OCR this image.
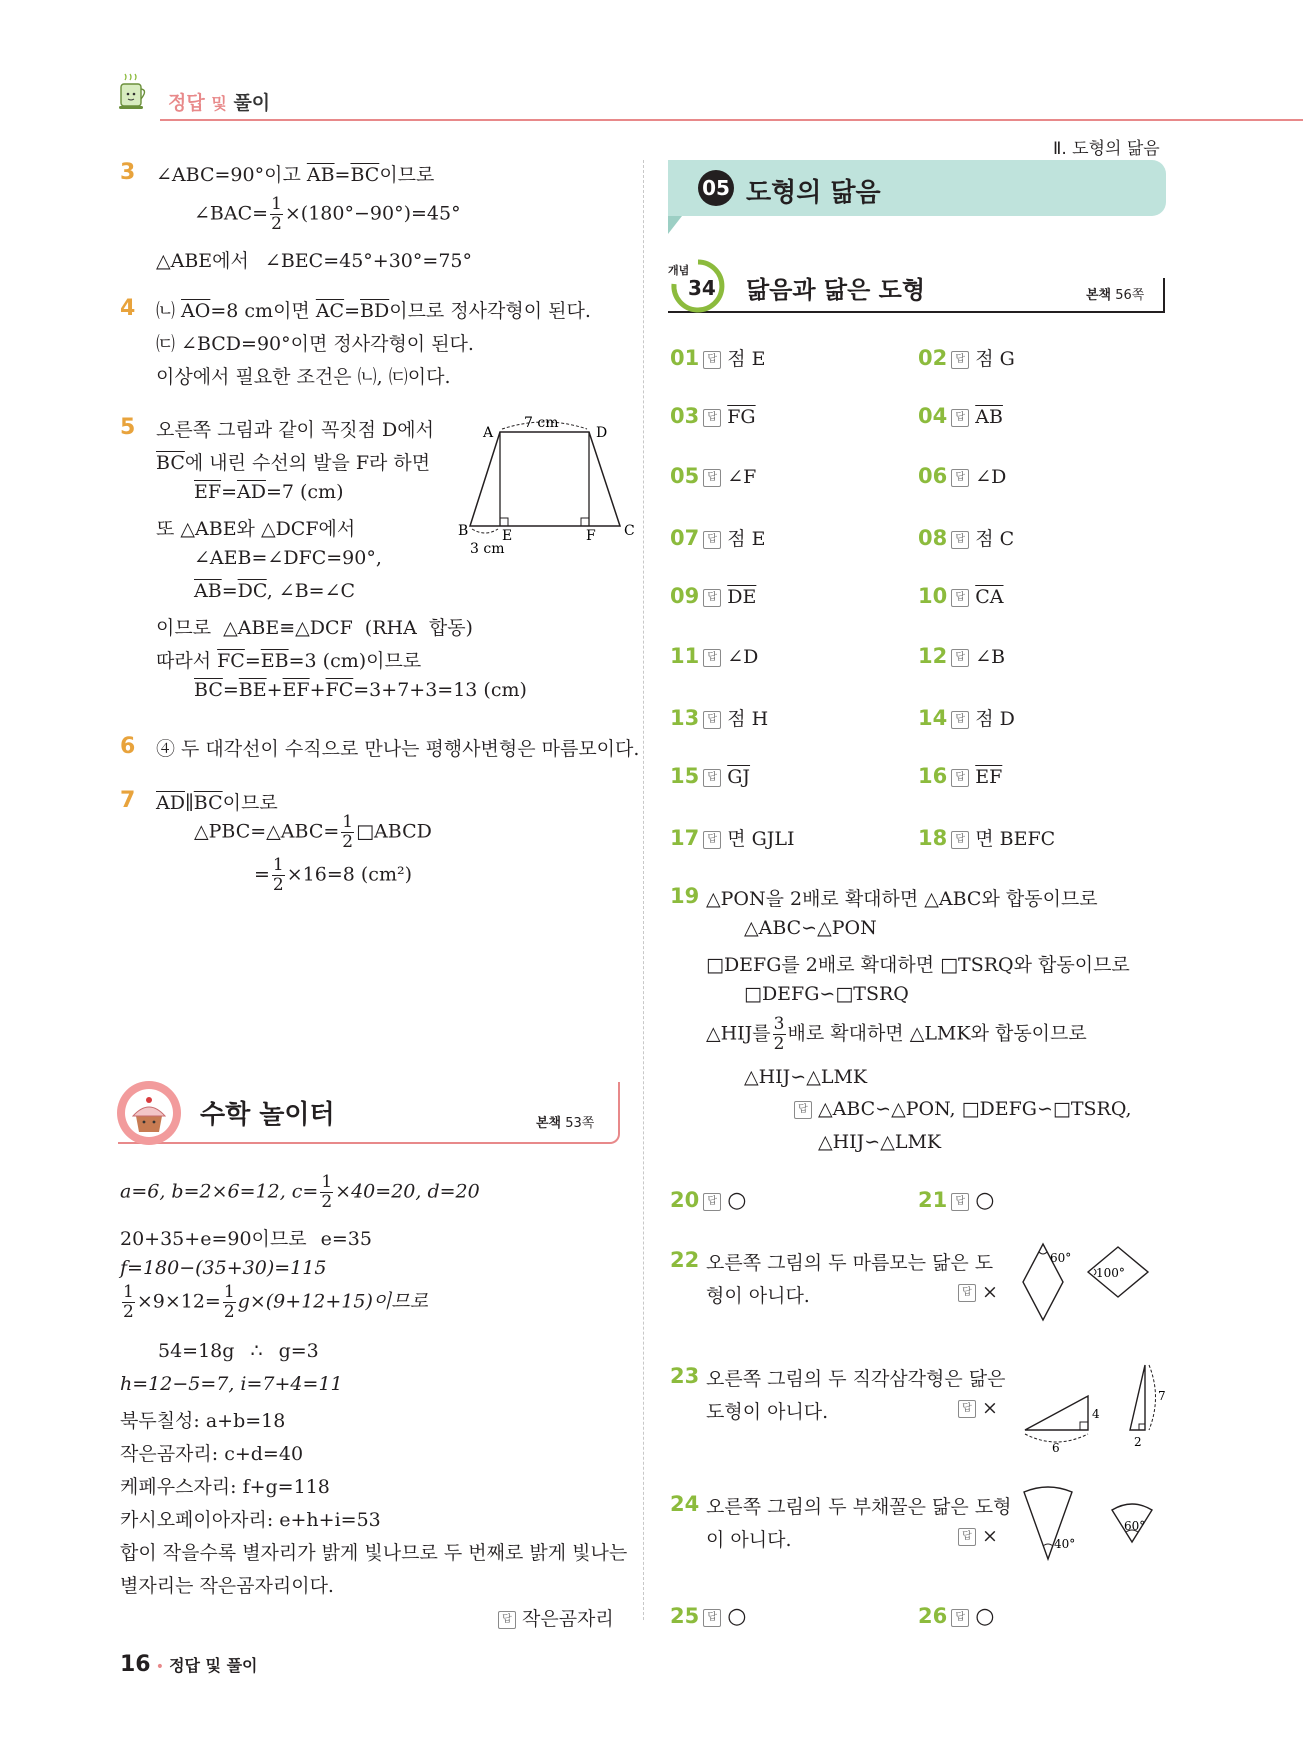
정답 및 풀이
Ⅱ. 도형의 닮음
3 ∠ABC=90°이고 $\overline{AB}=\overline{BC}$이므로
∠BAC= $\frac{1}{2} \times(180^\circ-90^\circ)=45^\circ$
△ABE에서 ∠BEC=45°+30°=75°
4 ㈁ $\overline{AO}=8$ cm이면 $\overline{AC}=\overline{BD}$이므로 정사각형이 된다.
㈂ ∠BCD=90°이면 정사각형이 된다.
이상에서 필요한 조건은 ㈁, ㈂이다.
5 오른쪽 그림과 같이 꼭짓점 D에서
$\overline{BC}$에 내린 수선의 발을 F라 하면
$\overline{EF}=\overline{AD}=7$ (cm)
또 △ABE와 △DCF에서
∠AEB=∠DFC=90°,
$\overline{AB}=\overline{DC}$, ∠B=∠C
이므로 △ABE≡△DCF (RHA 합동)
따라서 $\overline{FC}=\overline{EB}=3$ (cm)이므로
$\overline{BC}=\overline{BE}+\overline{EF}+\overline{FC}=3+7+3=13$ (cm)
A	D
B E	F C
7 cm
3 cm
6 ④ 두 대각선이 수직으로 만나는 평행사변형은 마름모이다.
7 $\overline{AD}\parallel\overline{BC}$이므로
△PBC=△ABC= $\frac{1}{2}$ □ABCD
= $\frac{1}{2} \times 16=8$ (cm²)
수학 놀이터	본책 53쪽
a=6, b=2×6=12, $c= \frac{1}{2} \times 40=20$, d=20
20+35+e=90이므로 e=35
f=180−(35+30)=115
$\frac{1}{2} \times 9\times 12= \frac{1}{2} g\times(9+12+15)$이므로
54=18g ∴ g=3
h=12−5=7, i=7+4=11
북두칠성: a+b=18
작은곰자리: c+d=40
케페우스자리: f+g=118
카시오페이아자리: e+h+i=53
합이 작을수록 별자리가 밝게 빛나므로 두 번째로 밝게 빛나는
별자리는 작은곰자리이다.
답 작은곰자리
05 도형의 닮음
개념
34 닮음과 닮은 도형	본책 56쪽
01 답 점 E	02 답 점 G
03 답 $\overline{FG}$	04 답 $\overline{AB}$
05 답 ∠F	06 답 ∠D
07 답 점 E	08 답 점 C
09 답 $\overline{DE}$	10 답 $\overline{CA}$
11 답 ∠D	12 답 ∠B
13 답 점 H	14 답 점 D
15 답 $\overline{GJ}$	16 답 $\overline{EF}$
17 답 면 GJLI	18 답 면 BEFC
19 △PON을 2배로 확대하면 △ABC와 합동이므로
△ABC∽△PON
□DEFG를 2배로 확대하면 □TSRQ와 합동이므로
□DEFG∽□TSRQ
△HIJ를 $\frac{3}{2}$ 배로 확대하면 △LMK와 합동이므로
△HIJ∽△LMK
답 △ABC∽△PON, □DEFG∽□TSRQ,
△HIJ∽△LMK
20 답 ○	21 답 ○
22 오른쪽 그림의 두 마름모는 닮은 도
형이 아니다.	답 ×
60°
100°
23 오른쪽 그림의 두 직각삼각형은 닮은
도형이 아니다.	답 ×
6
4
7
2
24 오른쪽 그림의 두 부채꼴은 닮은 도형
이 아니다.	답 ×	40°
60°
25 답 ○	26 답 ○
16 • 정답 및 풀이
